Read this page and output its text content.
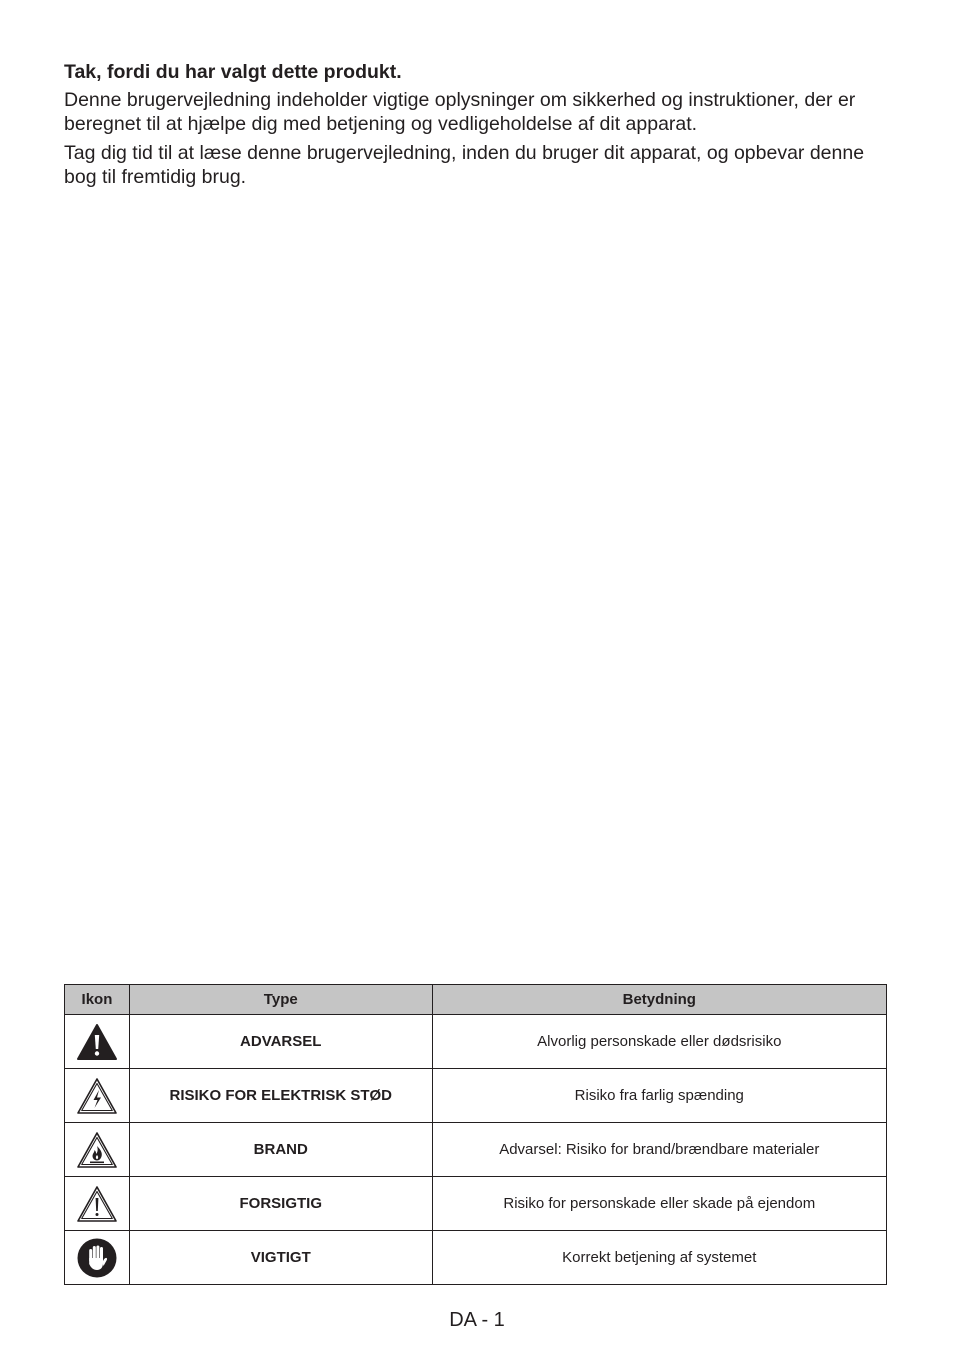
Tak, fordi du har valgt dette produkt.

Denne brugervejledning indeholder vigtige oplysninger om sikkerhed og instruktioner, der er beregnet til at hjælpe dig med betjening og vedligeholdelse af dit apparat.

Tag dig tid til at læse denne brugervejledning, inden du bruger dit apparat, og opbevar denne bog til fremtidig brug.

Ikon	Type	Betydning

	ADVARSEL	Alvorlig personskade eller dødsrisiko

	RISIKO FOR ELEKTRISK STØD	Risiko fra farlig spænding

	BRAND	Advarsel: Risiko for brand/brændbare materialer

	FORSIGTIG	Risiko for personskade eller skade på ejendom

	VIGTIGT	Korrekt betjening af systemet
DA - 1
